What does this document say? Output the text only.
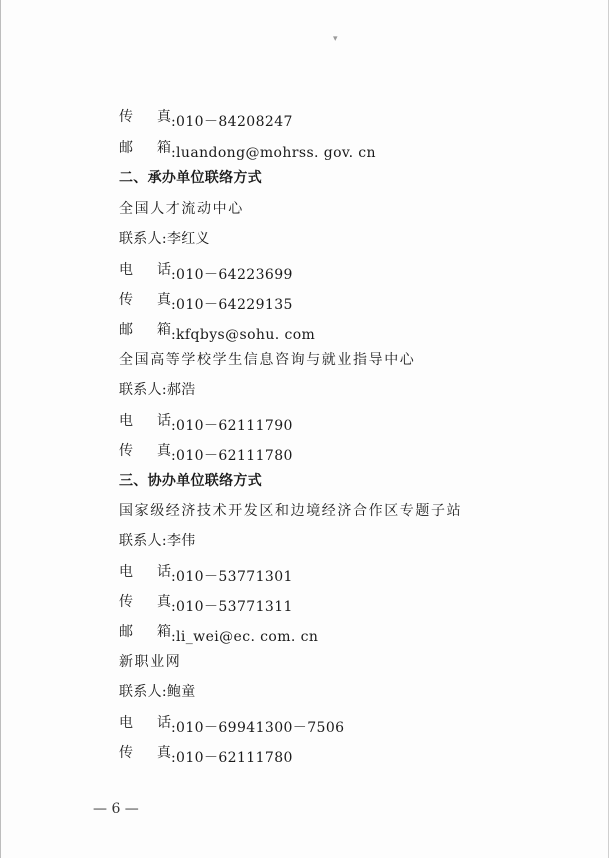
▾
传 真 :010－84208247
邮 箱 :luandong@mohrss. gov. cn
二、承办单位联络方式
全国人才流动中心
联系人:李红义
电 话 :010－64223699
传 真 :010－64229135
邮 箱 :kfqbys@sohu. com
全国高等学校学生信息咨询与就业指导中心
联系人:郝浩
电 话 :010－62111790
传 真 :010－62111780
三、协办单位联络方式
国家级经济技术开发区和边境经济合作区专题子站
联系人:李伟
电 话 :010－53771301
传 真 :010－53771311
邮 箱 :li_wei@ec. com. cn
新职业网
联系人:鲍童
电 话 :010－69941300－7506
传 真 :010－62111780
— 6 —
